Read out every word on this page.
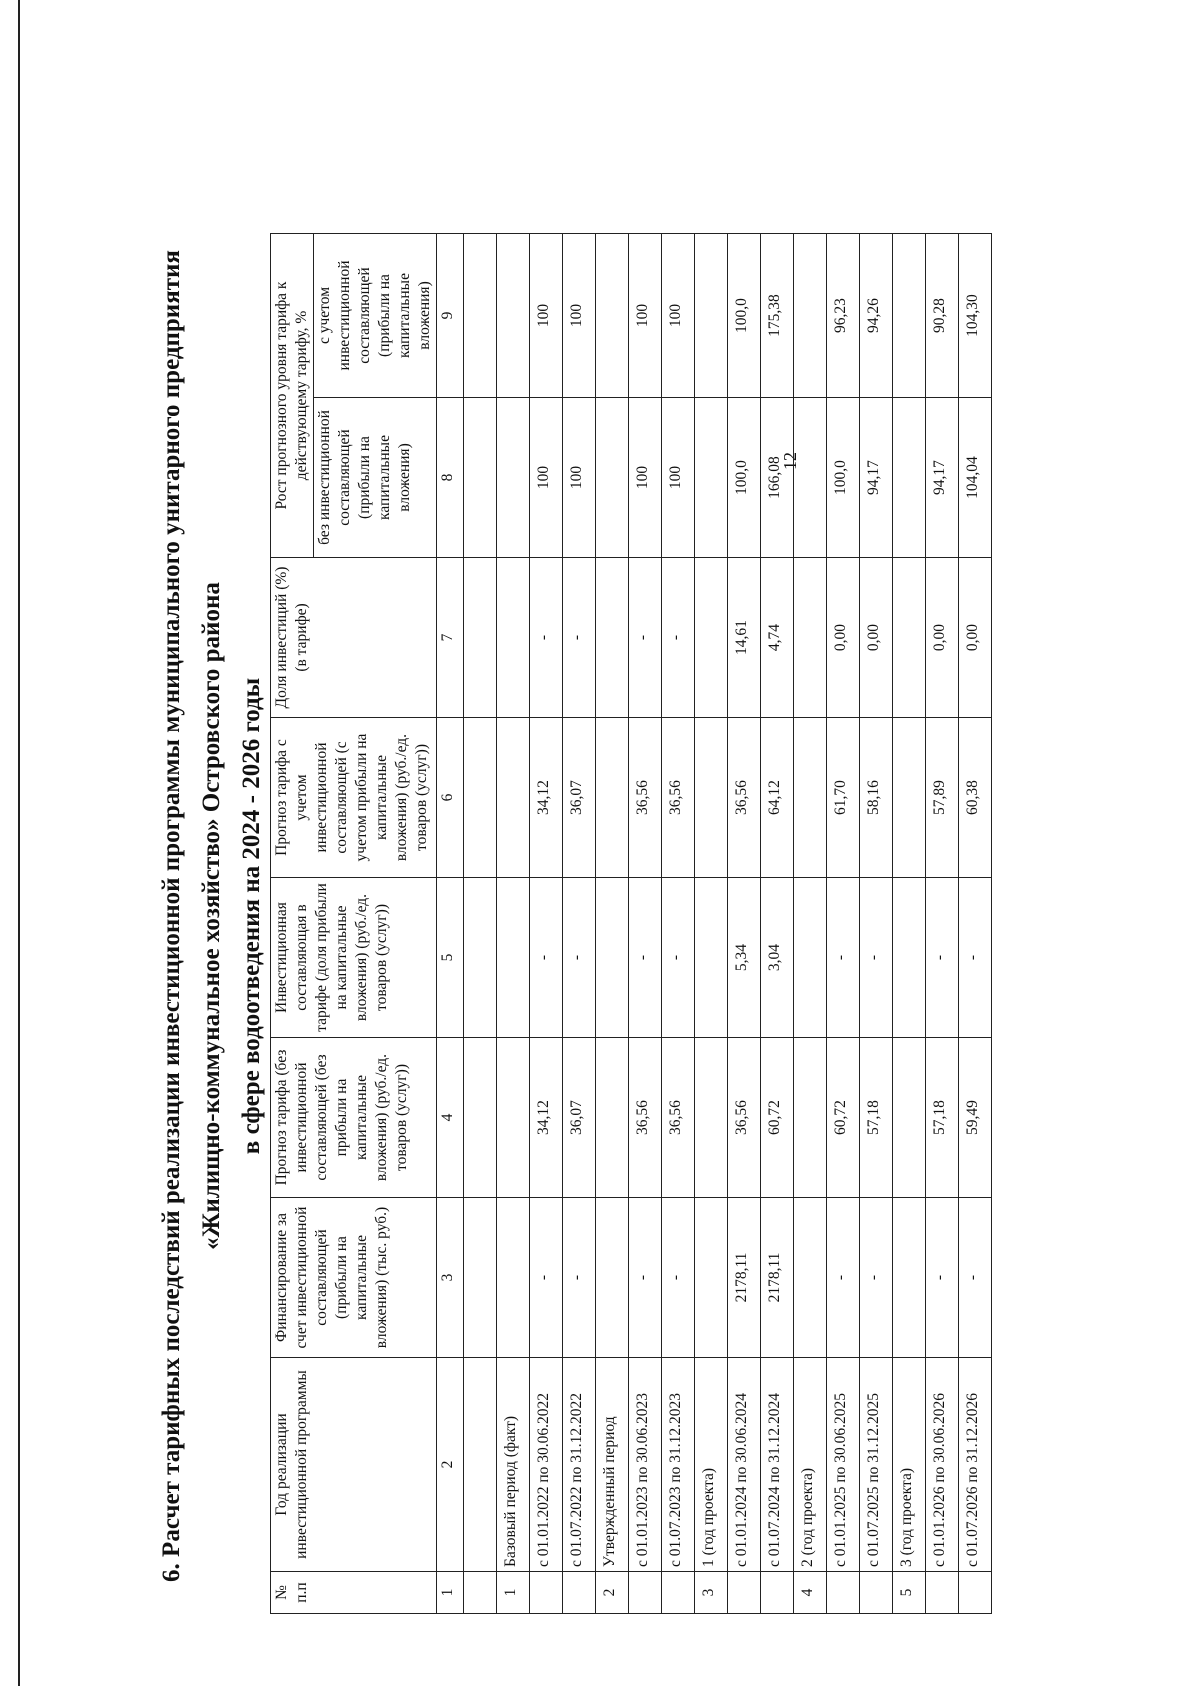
12
6. Расчет тарифных последствий реализации инвестиционной программы муниципального унитарного предприятия «Жилищно-коммунальное хозяйство» Островского района в сфере водоотведения на 2024 - 2026 годы
№ п.п	Год реализации инвестиционной программы	Финансирование за счет инвестиционной составляющей (прибыли на капитальные вложения) (тыс. руб.)	Прогноз тарифа (без инвестиционной составляющей (без прибыли на капитальные вложения) (руб./ед. товаров (услуг))	Инвестиционная составляющая в тарифе (доля прибыли на капитальные вложения) (руб./ед. товаров (услуг))	Прогноз тарифа с учетом инвестиционной составляющей (с учетом прибыли на капитальные вложения) (руб./ед. товаров (услуг))	Доля инвестиций (%) (в тарифе)	Рост прогнозного уровня тарифа к действующему тарифу, %	
							без инвестиционной составляющей (прибыли на капитальные вложения)	с учетом инвестиционной составляющей (прибыли на капитальные вложения)
1	2	3	4	5	6	7	8	9

1	Базовый период (факт)							
	с 01.01.2022 по 30.06.2022	-	34,12	-	34,12	-	100	100
	с 01.07.2022 по 31.12.2022	-	36,07	-	36,07	-	100	100
2	Утвержденный период							
	с 01.01.2023 по 30.06.2023	-	36,56	-	36,56	-	100	100
	с 01.07.2023 по 31.12.2023	-	36,56	-	36,56	-	100	100
3	1 (год проекта)							
	с 01.01.2024 по 30.06.2024	2178,11	36,56	5,34	36,56	14,61	100,0	100,0
	с 01.07.2024 по 31.12.2024	2178,11	60,72	3,04	64,12	4,74	166,08	175,38
4	2 (год проекта)							
	с 01.01.2025 по 30.06.2025	-	60,72	-	61,70	0,00	100,0	96,23
	с 01.07.2025 по 31.12.2025	-	57,18	-	58,16	0,00	94,17	94,26
5	3 (год проекта)							
	с 01.01.2026 по 30.06.2026	-	57,18	-	57,89	0,00	94,17	90,28
	с 01.07.2026 по 31.12.2026	-	59,49	-	60,38	0,00	104,04	104,30
